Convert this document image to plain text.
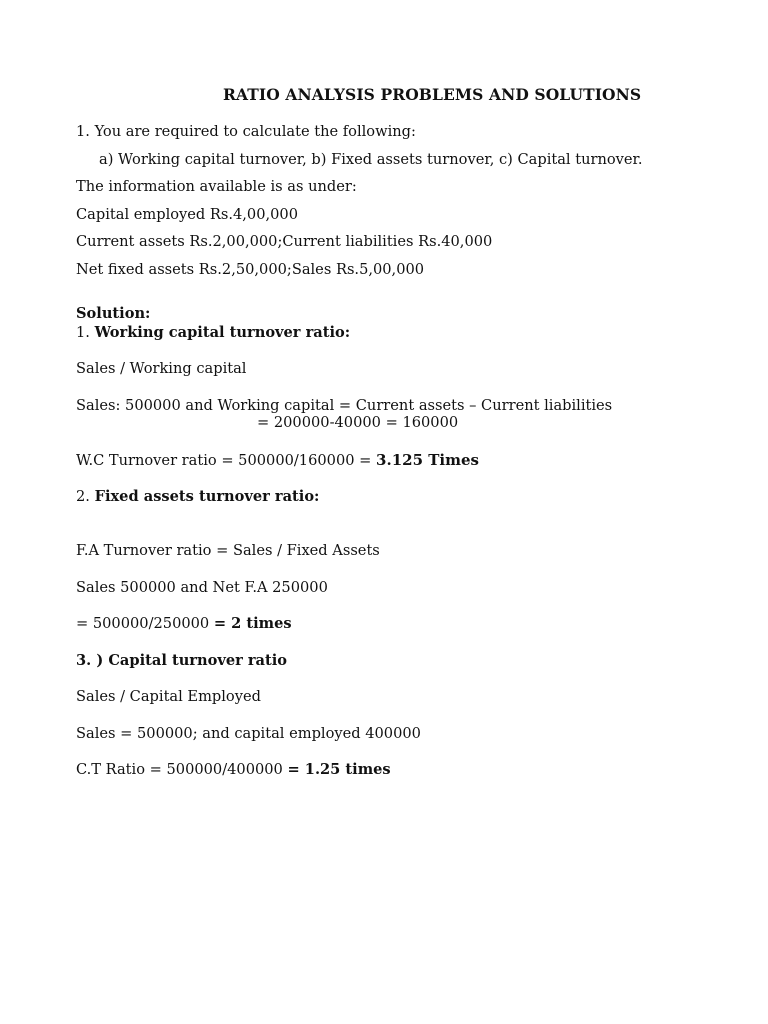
RATIO ANALYSIS PROBLEMS AND SOLUTIONS
1. You are required to calculate the following:
a) Working capital turnover, b) Fixed assets turnover, c) Capital turnover.
The information available is as under:
Capital employed Rs.4,00,000
Current assets Rs.2,00,000;Current liabilities Rs.40,000
Net fixed assets Rs.2,50,000;Sales Rs.5,00,000
Solution:
1. Working capital turnover ratio:
Sales / Working capital
Sales: 500000 and Working capital = Current assets – Current liabilities
= 200000-40000 = 160000
W.C Turnover ratio = 500000/160000 = 3.125 Times
2. Fixed assets turnover ratio:
F.A Turnover ratio = Sales / Fixed Assets
Sales 500000 and Net F.A 250000
= 500000/250000 = 2 times
3. ) Capital turnover ratio
Sales / Capital Employed
Sales = 500000; and capital employed 400000
C.T Ratio = 500000/400000 = 1.25 times
